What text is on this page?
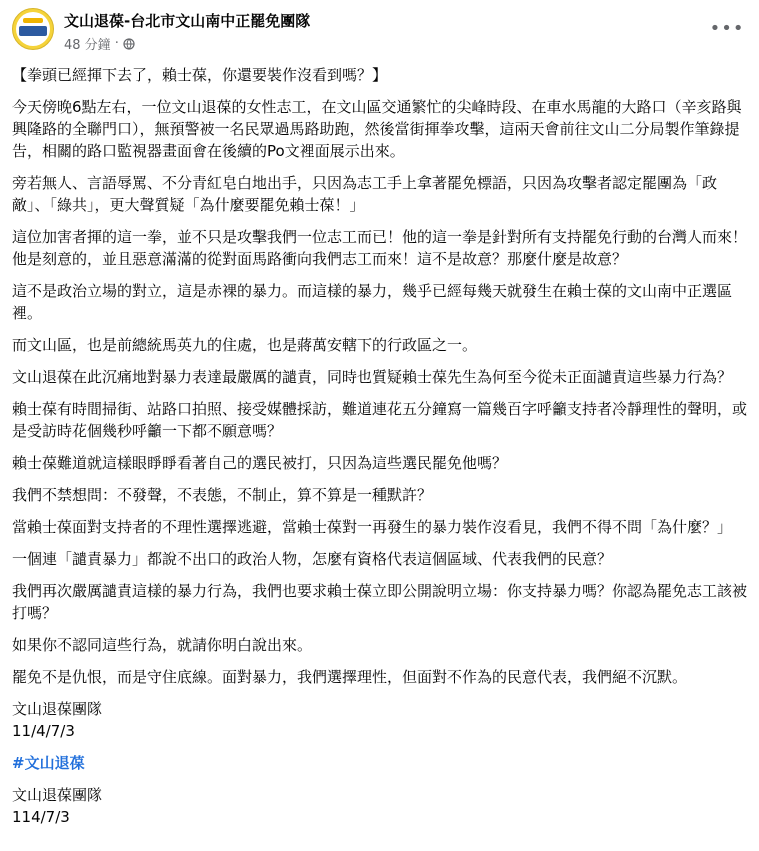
文山退葆-台北市文山南中正罷免團隊
48 分鐘 ·
•••

【拳頭已經揮下去了，賴士葆，你還要裝作沒看到嗎？】

今天傍晚6點左右，一位文山退葆的女性志工，在文山區交通繁忙的尖峰時段、在車水馬龍的大路口（辛亥路與興隆路的全聯門口），無預警被一名民眾過馬路助跑，然後當街揮拳攻擊，這兩天會前往文山二分局製作筆錄提告，相關的路口監視器畫面會在後續的Po文裡面展示出來。

旁若無人、言語辱罵、不分青紅皂白地出手，只因為志工手上拿著罷免標語，只因為攻擊者認定罷團為「政敵」、「綠共」，更大聲質疑「為什麼要罷免賴士葆！」

這位加害者揮的這一拳，並不只是攻擊我們一位志工而已！他的這一拳是針對所有支持罷免行動的台灣人而來！他是刻意的，並且惡意滿滿的從對面馬路衝向我們志工而來！這不是故意？那麼什麼是故意？

這不是政治立場的對立，這是赤裸的暴力。而這樣的暴力，幾乎已經每幾天就發生在賴士葆的文山南中正選區裡。

而文山區，也是前總統馬英九的住處，也是蔣萬安轄下的行政區之一。

文山退葆在此沉痛地對暴力表達最嚴厲的譴責，同時也質疑賴士葆先生為何至今從未正面譴責這些暴力行為？

賴士葆有時間掃街、站路口拍照、接受媒體採訪，難道連花五分鐘寫一篇幾百字呼籲支持者冷靜理性的聲明，或是受訪時花個幾秒呼籲一下都不願意嗎？

賴士葆難道就這樣眼睜睜看著自己的選民被打，只因為這些選民罷免他嗎？

我們不禁想問：不發聲，不表態，不制止，算不算是一種默許？

當賴士葆面對支持者的不理性選擇逃避，當賴士葆對一再發生的暴力裝作沒看見，我們不得不問「為什麼？」

一個連「譴責暴力」都說不出口的政治人物，怎麼有資格代表這個區域、代表我們的民意？

我們再次嚴厲譴責這樣的暴力行為，我們也要求賴士葆立即公開說明立場：你支持暴力嗎？你認為罷免志工該被打嗎？

如果你不認同這些行為，就請你明白說出來。

罷免不是仇恨，而是守住底線。面對暴力，我們選擇理性，但面對不作為的民意代表，我們絕不沉默。

文山退葆團隊
11/4/7/3
#文山退葆
文山退葆團隊
114/7/3
